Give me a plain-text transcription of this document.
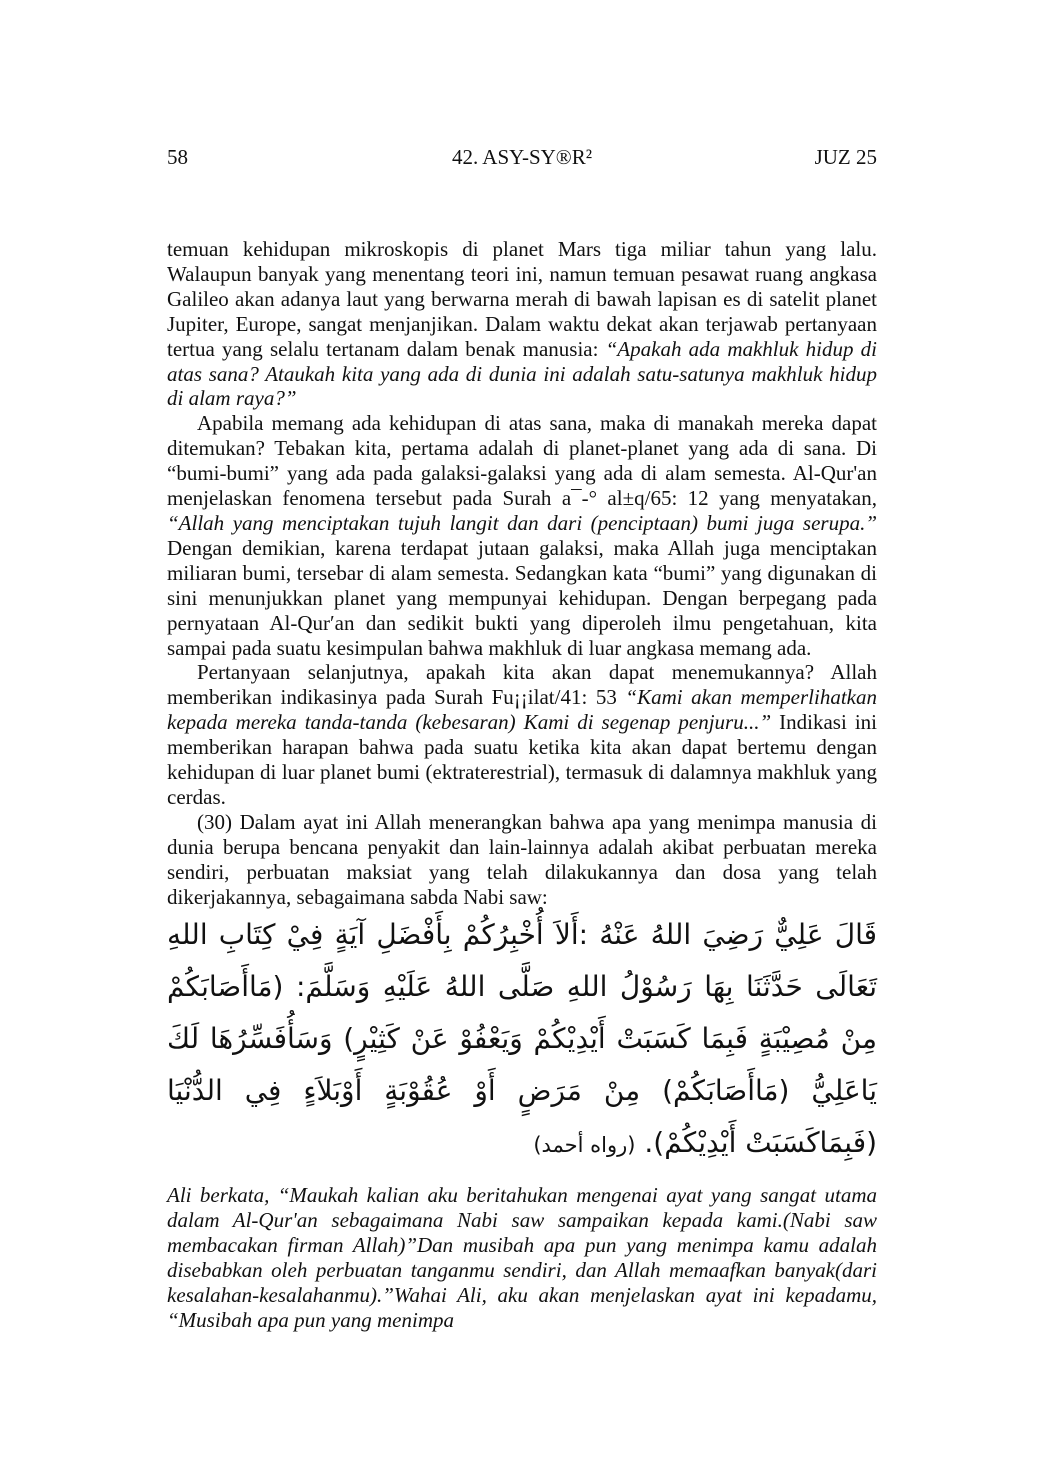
58	42. ASY-SY®R²	JUZ 25

temuan kehidupan mikroskopis di planet Mars tiga miliar tahun yang lalu. Walaupun banyak yang menentang teori ini, namun temuan pesawat ruang angkasa Galileo akan adanya laut yang berwarna merah di bawah lapisan es di satelit planet Jupiter, Europe, sangat menjanjikan. Dalam waktu dekat akan terjawab pertanyaan tertua yang selalu tertanam dalam benak manusia: “Apakah ada makhluk hidup di atas sana? Ataukah kita yang ada di dunia ini adalah satu-satunya makhluk hidup di alam raya?”

Apabila memang ada kehidupan di atas sana, maka di manakah mereka dapat ditemukan? Tebakan kita, pertama adalah di planet-planet yang ada di sana. Di “bumi-bumi” yang ada pada galaksi-galaksi yang ada di alam semesta. Al-Qur'an menjelaskan fenomena tersebut pada Surah a¯-° al±q/65: 12 yang menyatakan, “Allah yang menciptakan tujuh langit dan dari (penciptaan) bumi juga serupa.” Dengan demikian, karena terdapat jutaan galaksi, maka Allah juga menciptakan miliaran bumi, tersebar di alam semesta. Sedangkan kata “bumi” yang digunakan di sini menunjukkan planet yang mempunyai kehidupan. Dengan berpegang pada pernyataan Al-Qur′an dan sedikit bukti yang diperoleh ilmu pengetahuan, kita sampai pada suatu kesimpulan bahwa makhluk di luar angkasa memang ada.

Pertanyaan selanjutnya, apakah kita akan dapat menemukannya? Allah memberikan indikasinya pada Surah Fu¡¡ilat/41: 53 “Kami akan memperlihatkan kepada mereka tanda-tanda (kebesaran) Kami di segenap penjuru...” Indikasi ini memberikan harapan bahwa pada suatu ketika kita akan dapat bertemu dengan kehidupan di luar planet bumi (ektraterestrial), termasuk di dalamnya makhluk yang cerdas.

(30) Dalam ayat ini Allah menerangkan bahwa apa yang menimpa manusia di dunia berupa bencana penyakit dan lain-lainnya adalah akibat perbuatan mereka sendiri, perbuatan maksiat yang telah dilakukannya dan dosa yang telah dikerjakannya, sebagaimana sabda Nabi saw:

قَالَ عَلِيٌّ رَضِيَ اللهُ عَنْهُ :أَلاَ أُخْبِرُكُمْ بِأَفْضَلِ آيَةٍ فِيْ كِتَابِ اللهِ تَعَالَى حَدَّثَنَا بِهَا رَسُوْلُ اللهِ صَلَّى اللهُ عَلَيْهِ وَسَلَّمَ: (مَاأَصَابَكُمْ مِنْ مُصِيْبَةٍ فَبِمَا كَسَبَتْ أَيْدِيْكُمْ وَيَعْفُوْ عَنْ كَثِيْرٍ) وَسَأُفَسِّرُهَا لَكَ يَاعَلِيُّ (مَاأَصَابَكُمْ) مِنْ مَرَضٍ أَوْ عُقُوْبَةٍ أَوْبَلاَءٍ فِي الدُّنْيَا (فَبِمَاكَسَبَتْ أَيْدِيْكُمْ). (رواه أحمد)

Ali berkata, “Maukah kalian aku beritahukan mengenai ayat yang sangat utama dalam Al-Qur'an sebagaimana Nabi saw sampaikan kepada kami.(Nabi saw membacakan firman Allah)”Dan musibah apa pun yang menimpa kamu adalah disebabkan oleh perbuatan tanganmu sendiri, dan Allah memaafkan banyak(dari kesalahan-kesalahanmu).”Wahai Ali, aku akan menjelaskan ayat ini kepadamu, “Musibah apa pun yang menimpa
